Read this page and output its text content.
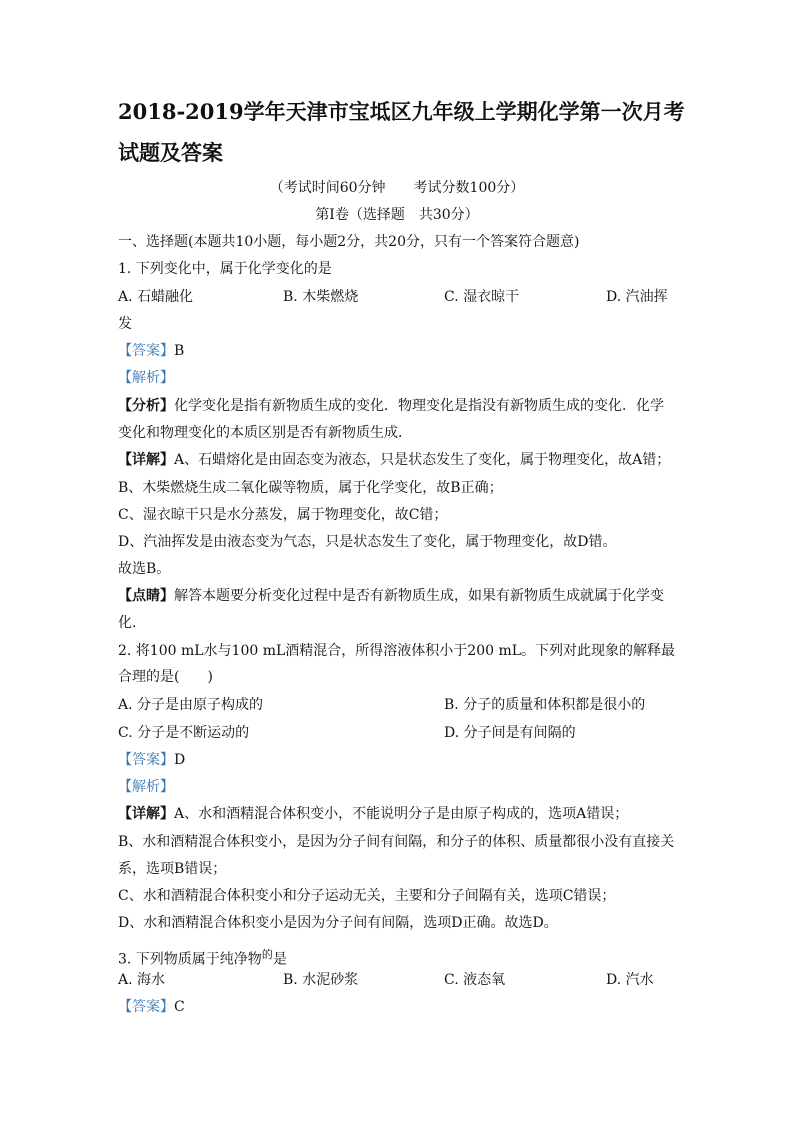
2018-2019学年天津市宝坻区九年级上学期化学第一次月考
试题及答案
（考试时间60分钟　　考试分数100分）
第Ⅰ卷（选择题　共30分）
一、选择题(本题共10小题，每小题2分，共20分，只有一个答案符合题意)
1. 下列变化中，属于化学变化的是
A. 石蜡融化	B. 木柴燃烧	C. 湿衣晾干	D. 汽油挥
发
【答案】B
【解析】
【分析】化学变化是指有新物质生成的变化．物理变化是指没有新物质生成的变化．化学
变化和物理变化的本质区别是否有新物质生成．
【详解】A、石蜡熔化是由固态变为液态，只是状态发生了变化，属于物理变化，故A错；
B、木柴燃烧生成二氧化碳等物质，属于化学变化，故B正确；
C、湿衣晾干只是水分蒸发，属于物理变化，故C错；
D、汽油挥发是由液态变为气态，只是状态发生了变化，属于物理变化，故D错。
故选B。
【点睛】解答本题要分析变化过程中是否有新物质生成，如果有新物质生成就属于化学变
化．
2. 将100 mL水与100 mL酒精混合，所得溶液体积小于200 mL。下列对此现象的解释最
合理的是(　　)
A. 分子是由原子构成的	B. 分子的质量和体积都是很小的
C. 分子是不断运动的	D. 分子间是有间隔的
【答案】D
【解析】
【详解】A、水和酒精混合体积变小，不能说明分子是由原子构成的，选项A错误；
B、水和酒精混合体积变小，是因为分子间有间隔，和分子的体积、质量都很小没有直接关
系，选项B错误；
C、水和酒精混合体积变小和分子运动无关，主要和分子间隔有关，选项C错误；
D、水和酒精混合体积变小是因为分子间有间隔，选项D正确。故选D。
3. 下列物质属于纯净物$^的$是
A. 海水	B. 水泥砂浆	C. 液态氧	D. 汽水
【答案】C
